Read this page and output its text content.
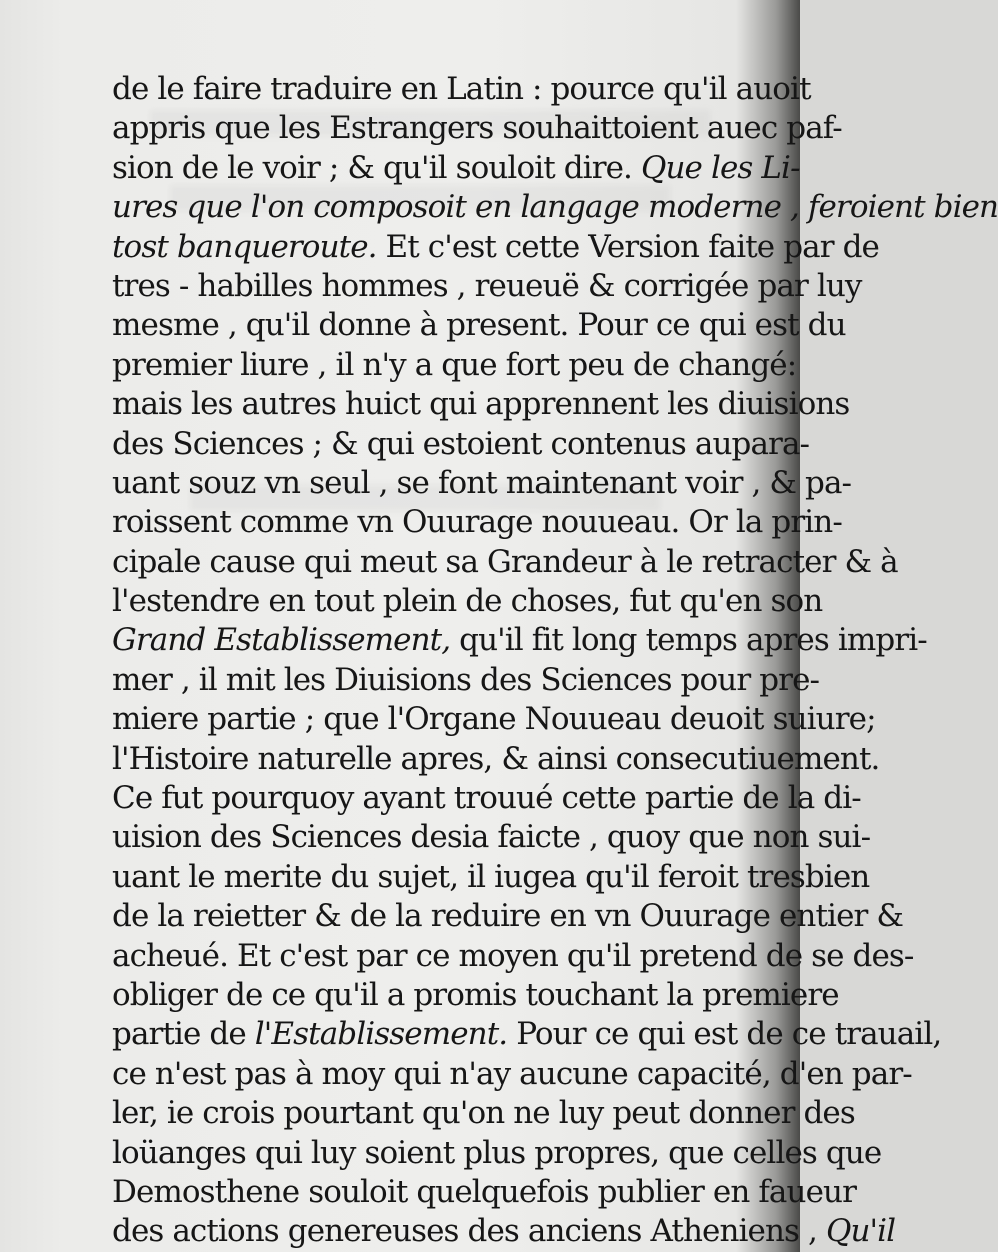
de le faire traduire en Latin : pource qu'il auoit
appris que les Estrangers souhaittoient auec paf-
sion de le voir ; & qu'il souloit dire. Que les Li-
ures que l'on composoit en langage moderne , feroient bien
tost banqueroute. Et c'est cette Version faite par de
tres - habilles hommes , reueuë & corrigée par luy
mesme , qu'il donne à present. Pour ce qui est du
premier liure , il n'y a que fort peu de changé:
mais les autres huict qui apprennent les diuisions
des Sciences ; & qui estoient contenus aupara-
uant souz vn seul , se font maintenant voir , & pa-
roissent comme vn Ouurage nouueau. Or la prin-
cipale cause qui meut sa Grandeur à le retracter & à
l'estendre en tout plein de choses, fut qu'en son
Grand Establissement, qu'il fit long temps apres impri-
mer , il mit les Diuisions des Sciences pour pre-
miere partie ; que l'Organe Nouueau deuoit suiure;
l'Histoire naturelle apres, & ainsi consecutiuement.
Ce fut pourquoy ayant trouué cette partie de la di-
uision des Sciences desia faicte , quoy que non sui-
uant le merite du sujet, il iugea qu'il feroit tresbien
de la reietter & de la reduire en vn Ouurage entier &
acheué. Et c'est par ce moyen qu'il pretend de se des-
obliger de ce qu'il a promis touchant la premiere
partie de l'Establissement. Pour ce qui est de ce trauail,
ce n'est pas à moy qui n'ay aucune capacité, d'en par-
ler, ie crois pourtant qu'on ne luy peut donner des
loüanges qui luy soient plus propres, que celles que
Demosthene souloit quelquefois publier en faueur
des actions genereuses des anciens Atheniens , Qu'il
